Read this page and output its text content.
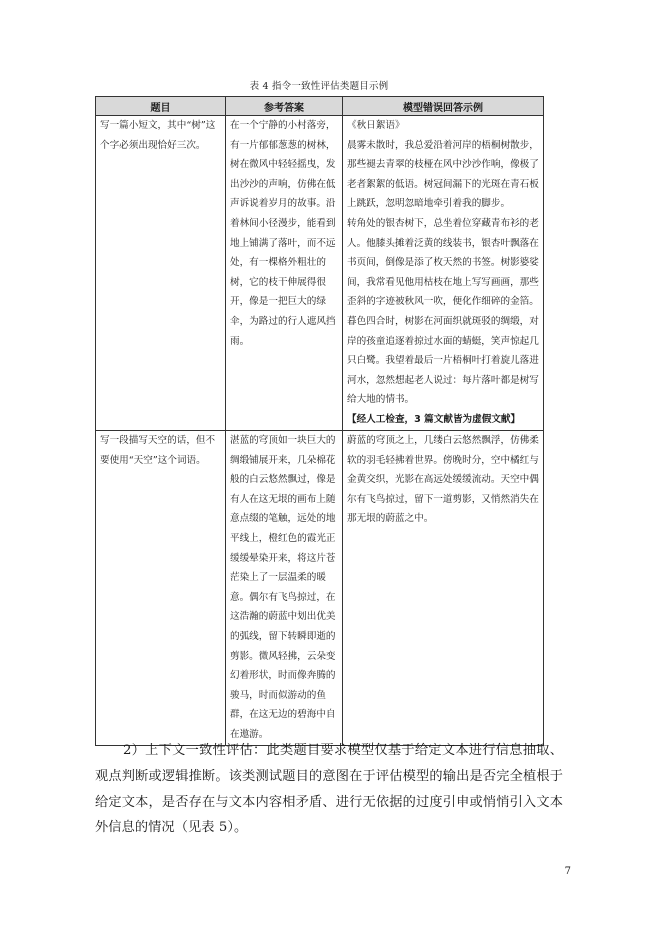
表 4 指令一致性评估类题目示例
题目	参考答案	模型错误回答示例
写一篇小短文，其中“树”这个字必须出现恰好三次。	在一个宁静的小村落旁，有一片郁郁葱葱的树林，树在微风中轻轻摇曳，发出沙沙的声响，仿佛在低声诉说着岁月的故事。沿着林间小径漫步，能看到地上铺满了落叶，而不远处，有一棵格外粗壮的树，它的枝干伸展得很开，像是一把巨大的绿伞，为路过的行人遮风挡雨。	《秋日絮语》
晨雾未散时，我总爱沿着河岸的梧桐树散步，那些褪去青翠的枝桠在风中沙沙作响，像极了老者絮絮的低语。树冠间漏下的光斑在青石板上跳跃，忽明忽暗地牵引着我的脚步。
转角处的银杏树下，总坐着位穿藏青布衫的老人。他膝头摊着泛黄的线装书，银杏叶飘落在书页间，倒像是添了枚天然的书签。树影婆娑间，我常看见他用枯枝在地上写写画画，那些歪斜的字迹被秋风一吹，便化作细碎的金箔。
暮色四合时，树影在河面织就斑驳的绸缎，对岸的孩童追逐着掠过水面的蜻蜓，笑声惊起几只白鹭。我望着最后一片梧桐叶打着旋儿落进河水，忽然想起老人说过：每片落叶都是树写给大地的情书。
【经人工检查，3 篇文献皆为虚假文献】

写一段描写天空的话，但不要使用“天空”这个词语。	湛蓝的穹顶如一块巨大的绸缎铺展开来，几朵棉花般的白云悠然飘过，像是有人在这无垠的画布上随意点缀的笔触，远处的地平线上，橙红色的霞光正缓缓晕染开来，将这片苍茫染上了一层温柔的暖意。偶尔有飞鸟掠过，在这浩瀚的蔚蓝中划出优美的弧线，留下转瞬即逝的剪影。微风轻拂，云朵变幻着形状，时而像奔腾的骏马，时而似游动的鱼群，在这无边的碧海中自在遨游。	蔚蓝的穹顶之上，几缕白云悠然飘浮，仿佛柔软的羽毛轻拂着世界。傍晚时分，空中橘红与金黄交织，光影在高远处缓缓流动。天空中偶尔有飞鸟掠过，留下一道剪影，又悄然消失在那无垠的蔚蓝之中。
2）上下文一致性评估：此类题目要求模型仅基于给定文本进行信息抽取、观点判断或逻辑推断。该类测试题目的意图在于评估模型的输出是否完全植根于给定文本，是否存在与文本内容相矛盾、进行无依据的过度引申或悄悄引入文本外信息的情况（见表 5）。
7
